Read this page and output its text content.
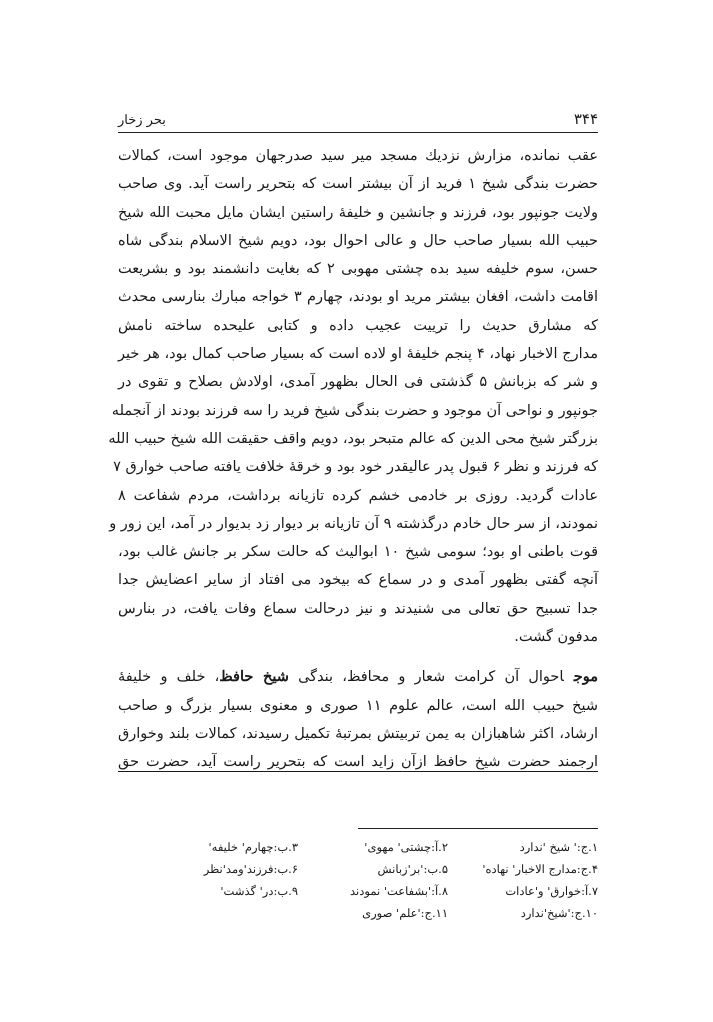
۳۴۴
بحر زخار

عقب نمانده، مزارش نزدیك مسجد میر سید صدرجهان موجود است، کمالات
حضرت بندگی شیخ ۱ فرید از آن بیشتر است که بتحریر راست آید. وی صاحب
ولایت جونپور بود، فرزند و جانشین و خلیفهٔ راستین ایشان مایل محبت الله شیخ
حبیب الله بسیار صاحب حال و عالی احوال بود، دویم شیخ الاسلام بندگی شاه
حسن، سوم خلیفه سید بده چشتی مهوبی ۲ که بغایت دانشمند بود و بشریعت
اقامت داشت، افغان بیشتر مرید او بودند، چهارم ۳ خواجه مبارك بنارسی محدث
که مشارق حدیث را ترییت عجیب داده و کتابی علیحده ساخته نامش
مدارج الاخبار نهاد، ۴ پنجم خلیفهٔ او لاده است که بسیار صاحب کمال بود، هر خیر
و شر که بزبانش ۵ گذشتی فی الحال بظهور آمدی، اولادش بصلاح و تقوی در
جونپور و نواحی آن موجود و حضرت بندگی شیخ فرید را سه فرزند بودند از آنجمله
بزرگتر شیخ محی الدین که عالم متبحر بود، دویم واقف حقیقت الله شیخ حبیب الله
که فرزند و نظر ۶ قبول پدر عالیقدر خود بود و خرقهٔ خلافت یافته صاحب خوارق ۷
عادات گردید. روزی بر خادمی خشم کرده تازیانه برداشت، مردم شفاعت ۸
نمودند، از سر حال خادم درگذشته ۹ آن تازیانه بر دیوار زد بدیوار در آمد، این زور و
قوت باطنی او بود؛ سومی شیخ ۱۰ ابوالیث که حالت سکر بر جانش غالب بود،
آنچه گفتی بظهور آمدی و در سماع که بیخود می افتاد از سایر اعضایش جدا
جدا تسبیح حق تعالی می شنیدند و نیز درحالت سماع وفات یافت، در بنارس
مدفون گشت.

موجاحوال آن کرامت شعار و محافظ، بندگی شیخ حافظ، خلف و خلیفهٔ
شیخ حبیب الله است، عالم علوم ۱۱ صوری و معنوی بسیار بزرگ و صاحب
ارشاد، اکثر شاهبازان به یمن تربیتش بمرتبهٔ تکمیل رسیدند، کمالات بلند وخوارق
ارجمند حضرت شیخ حافظ ازآن زاید است که بتحریر راست آید، حضرت حق

۱.ج:' شیخ 'ندارد
۲.آ:چشتی' مهوی'
۳.ب:چهارم' خلیفه'
۴.ج:مدارج الاخبار' نهاده'
۵.ب:'بر'زبانش
۶.ب:فرزند'ومد'نظر
۷.آ:خوارق' و'عادات
۸.آ:'بشفاعت' نمودند
۹.ب:در' گذشت'
۱۰.ج:'شیخ'ندارد
۱۱.ج:'علم' صوری
